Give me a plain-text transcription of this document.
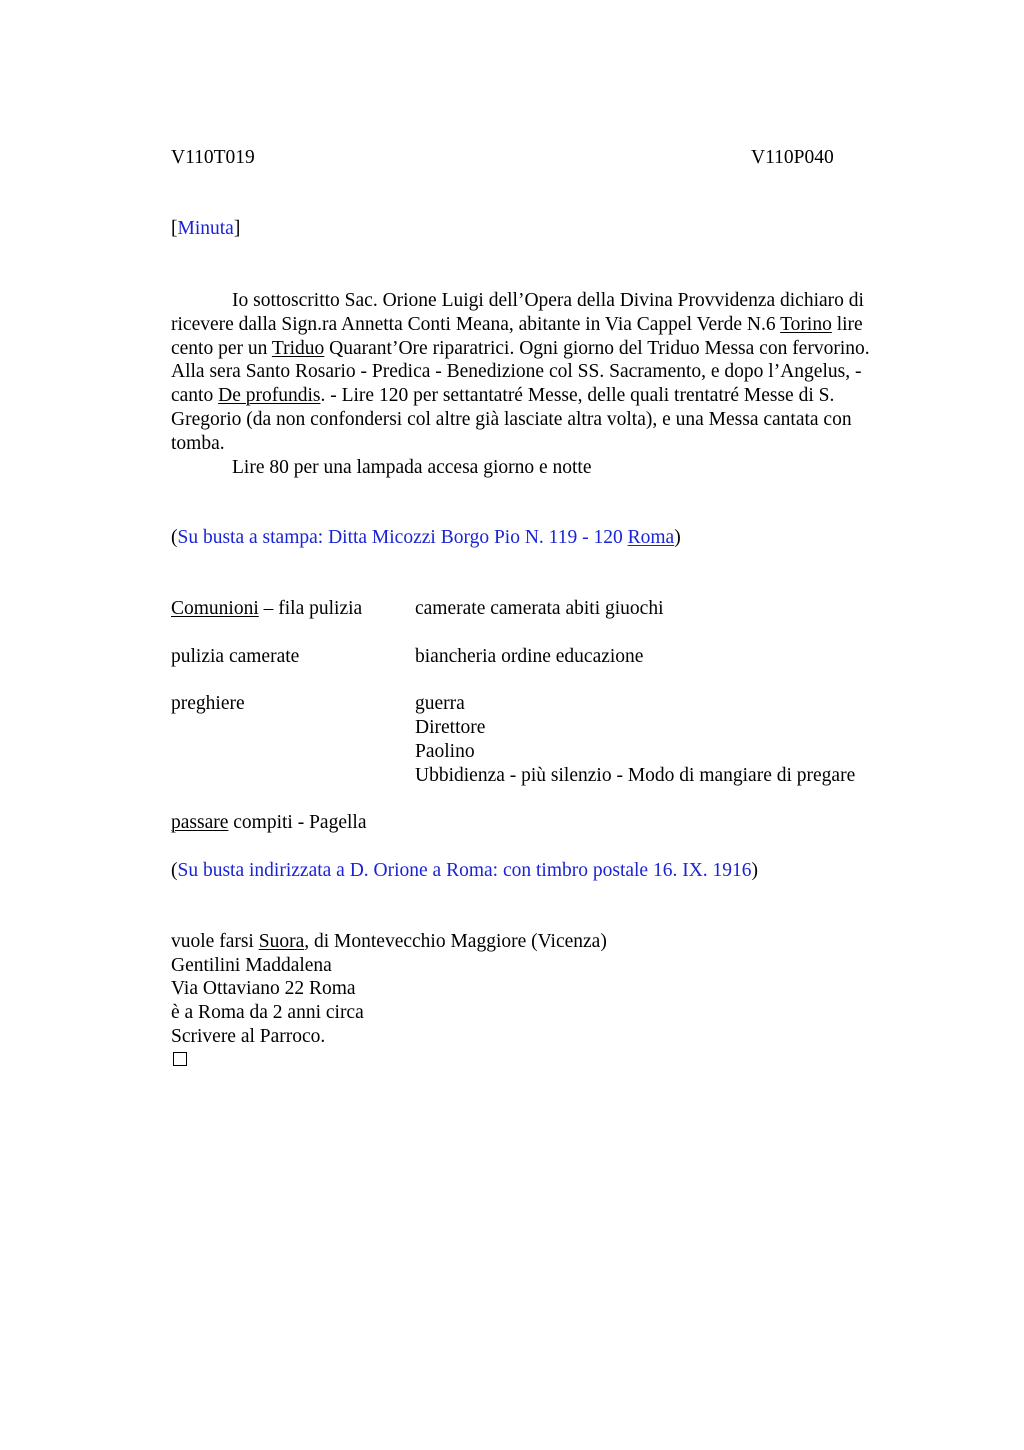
V110T019	V110P040
[Minuta]
Io sottoscritto Sac. Orione Luigi dell’Opera della Divina Provvidenza dichiaro di
ricevere dalla Sign.ra Annetta Conti Meana, abitante in Via Cappel Verde N.6 Torino lire
cento per un Triduo Quarant’Ore riparatrici. Ogni giorno del Triduo Messa con fervorino.
Alla sera Santo Rosario - Predica - Benedizione col SS. Sacramento, e dopo l’Angelus, -
canto De profundis. - Lire 120 per settantatré Messe, delle quali trentatré Messe di S.
Gregorio (da non confondersi col altre già lasciate altra volta), e una Messa cantata con
tomba.
Lire 80 per una lampada accesa giorno e notte
(Su busta a stampa: Ditta Micozzi Borgo Pio N. 119 - 120 Roma)
Comunioni – fila pulizia	camerate camerata abiti giuochi
pulizia camerate	biancheria ordine educazione
preghiere	guerra
Direttore
Paolino
Ubbidienza - più silenzio - Modo di mangiare di pregare
passare compiti - Pagella
(Su busta indirizzata a D. Orione a Roma: con timbro postale 16. IX. 1916)
vuole farsi Suora, di Montevecchio Maggiore (Vicenza)
Gentilini Maddalena
Via Ottaviano 22 Roma
è a Roma da 2 anni circa
Scrivere al Parroco.
